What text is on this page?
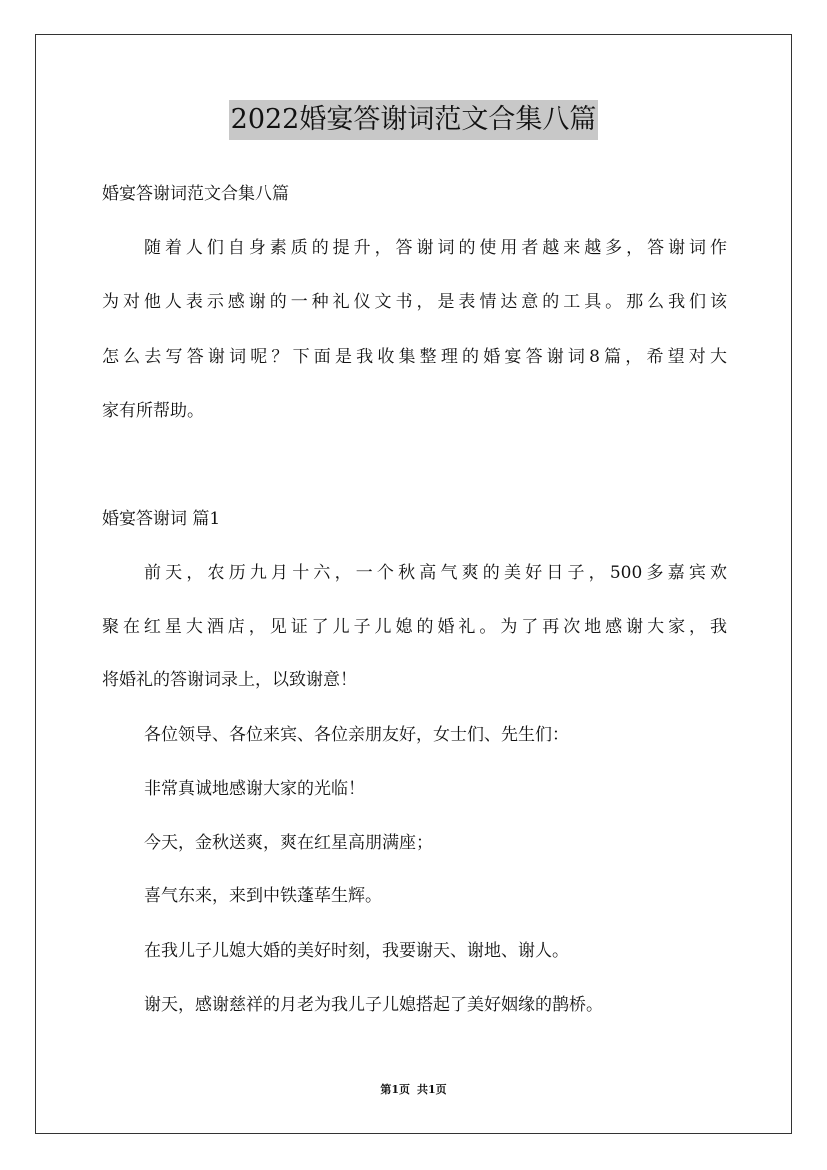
2022婚宴答谢词范文合集八篇
婚宴答谢词范文合集八篇
随着人们自身素质的提升，答谢词的使用者越来越多，答谢词作
为对他人表示感谢的一种礼仪文书，是表情达意的工具。那么我们该
怎么去写答谢词呢？下面是我收集整理的婚宴答谢词8篇，希望对大
家有所帮助。
婚宴答谢词 篇1
前天，农历九月十六，一个秋高气爽的美好日子，500多嘉宾欢
聚在红星大酒店，见证了儿子儿媳的婚礼。为了再次地感谢大家，我
将婚礼的答谢词录上，以致谢意！
各位领导、各位来宾、各位亲朋友好，女士们、先生们：
非常真诚地感谢大家的光临！
今天，金秋送爽，爽在红星高朋满座；
喜气东来，来到中铁蓬荜生辉。
在我儿子儿媳大婚的美好时刻，我要谢天、谢地、谢人。
谢天，感谢慈祥的月老为我儿子儿媳搭起了美好姻缘的鹊桥。
第1页 共1页
